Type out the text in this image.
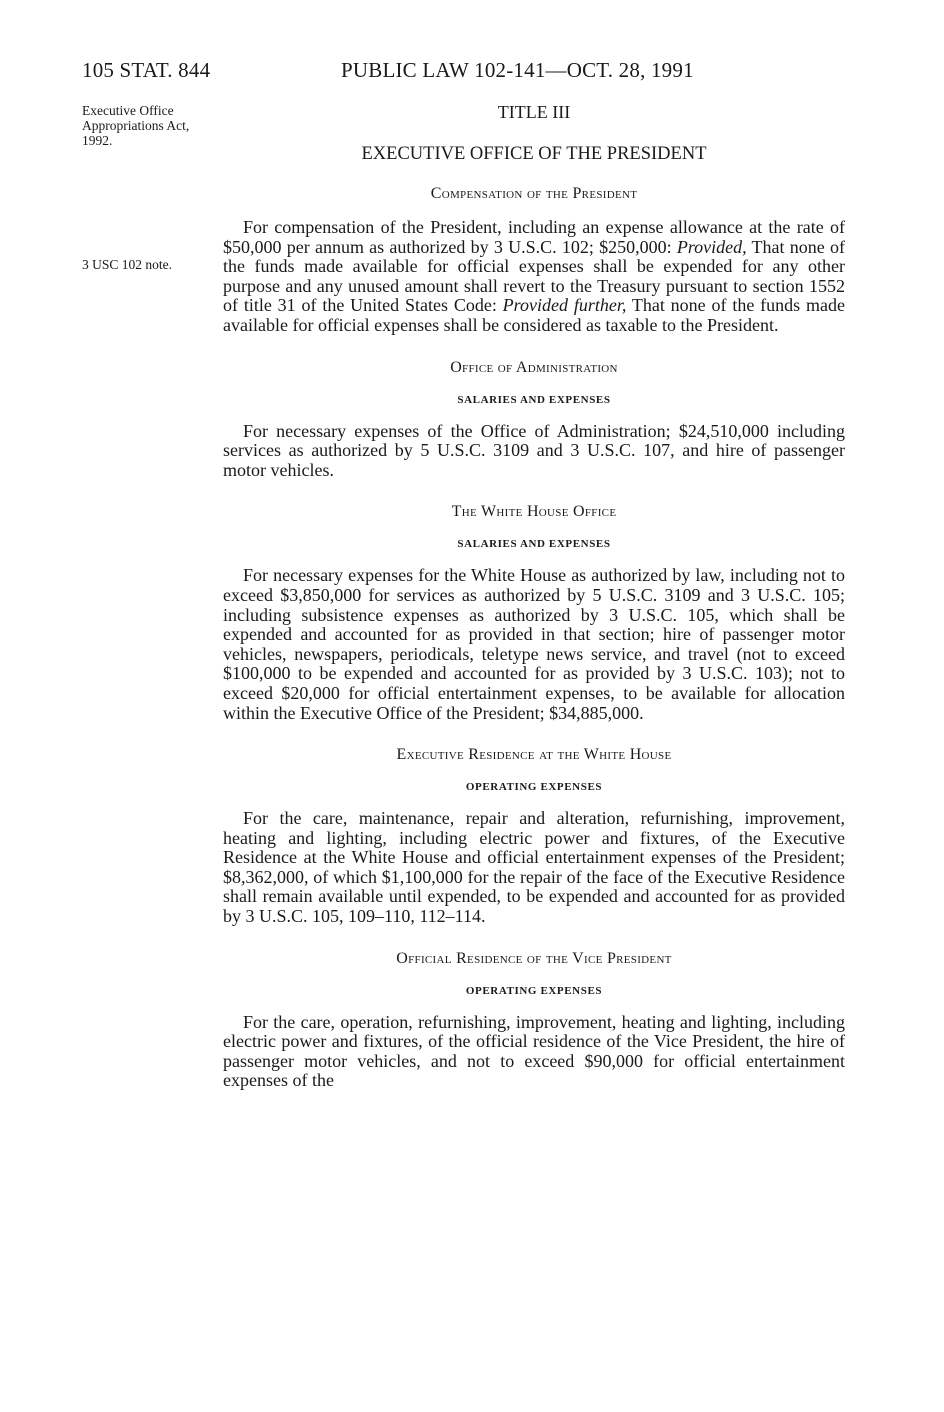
105 STAT. 844	PUBLIC LAW 102-141—OCT. 28, 1991
Executive Office Appropriations Act, 1992.
3 USC 102 note.
TITLE III
EXECUTIVE OFFICE OF THE PRESIDENT
Compensation of the President

For compensation of the President, including an expense allowance at the rate of $50,000 per annum as authorized by 3 U.S.C. 102; $250,000: Provided, That none of the funds made available for official expenses shall be expended for any other purpose and any unused amount shall revert to the Treasury pursuant to section 1552 of title 31 of the United States Code: Provided further, That none of the funds made available for official expenses shall be considered as taxable to the President.

Office of Administration
SALARIES AND EXPENSES

For necessary expenses of the Office of Administration; $24,510,000 including services as authorized by 5 U.S.C. 3109 and 3 U.S.C. 107, and hire of passenger motor vehicles.

The White House Office
SALARIES AND EXPENSES

For necessary expenses for the White House as authorized by law, including not to exceed $3,850,000 for services as authorized by 5 U.S.C. 3109 and 3 U.S.C. 105; including subsistence expenses as authorized by 3 U.S.C. 105, which shall be expended and accounted for as provided in that section; hire of passenger motor vehicles, newspapers, periodicals, teletype news service, and travel (not to exceed $100,000 to be expended and accounted for as provided by 3 U.S.C. 103); not to exceed $20,000 for official entertainment expenses, to be available for allocation within the Executive Office of the President; $34,885,000.

Executive Residence at the White House
OPERATING EXPENSES

For the care, maintenance, repair and alteration, refurnishing, improvement, heating and lighting, including electric power and fixtures, of the Executive Residence at the White House and official entertainment expenses of the President; $8,362,000, of which $1,100,000 for the repair of the face of the Executive Residence shall remain available until expended, to be expended and accounted for as provided by 3 U.S.C. 105, 109–110, 112–114.

Official Residence of the Vice President
OPERATING EXPENSES

For the care, operation, refurnishing, improvement, heating and lighting, including electric power and fixtures, of the official residence of the Vice President, the hire of passenger motor vehicles, and not to exceed $90,000 for official entertainment expenses of the
